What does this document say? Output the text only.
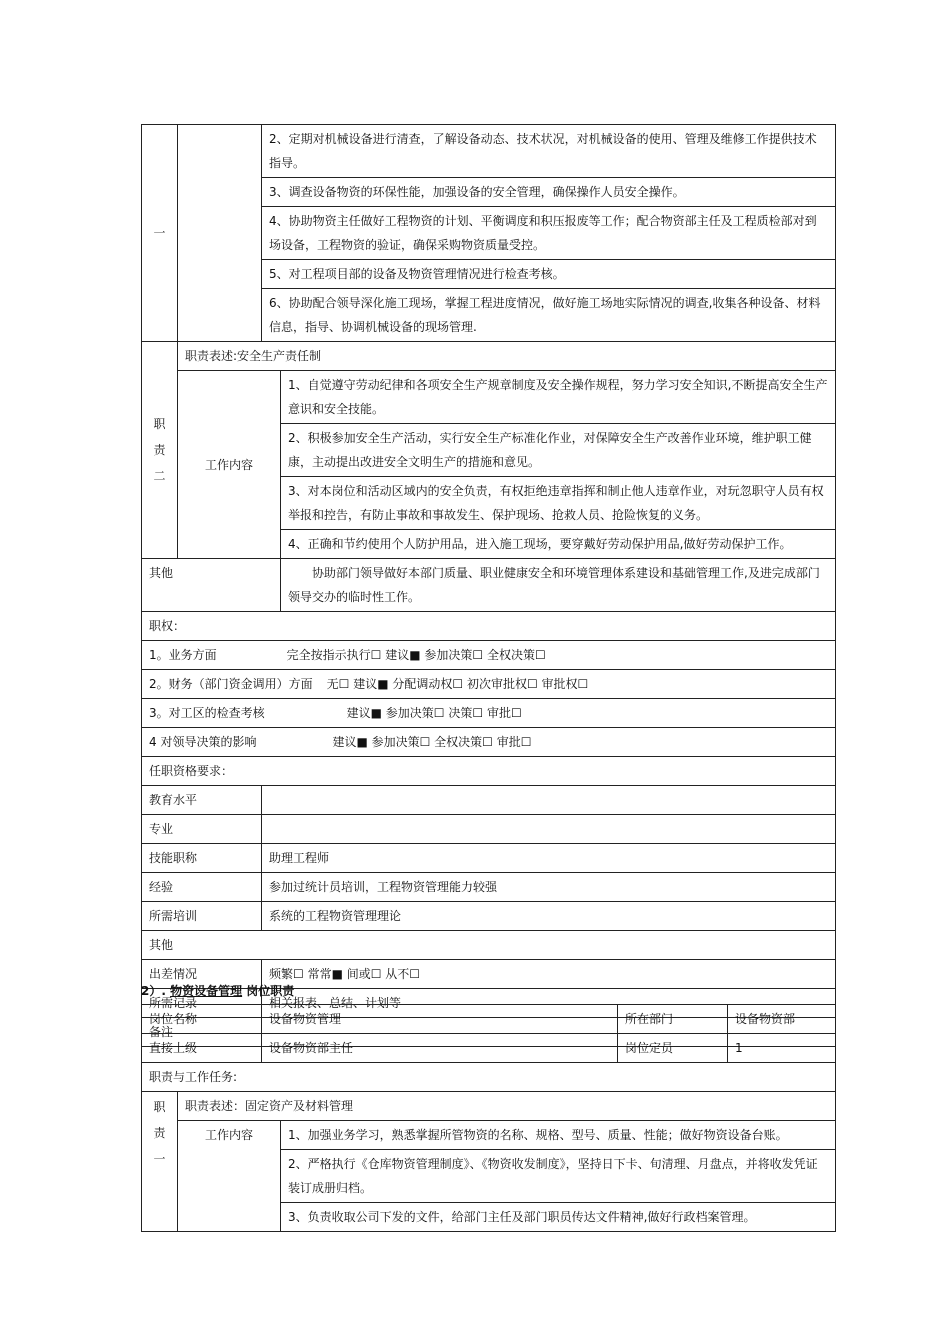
一		2、定期对机械设备进行清查，了解设备动态、技术状况，对机械设备的使用、管理及维修工作提供技术指导。	
		3、调查设备物资的环保性能，加强设备的安全管理，确保操作人员安全操作。	
		4、协助物资主任做好工程物资的计划、平衡调度和积压报废等工作；配合物资部主任及工程质检部对到场设备，工程物资的验证，确保采购物资质量受控。	
		5、对工程项目部的设备及物资管理情况进行检查考核。	
		6、协助配合领导深化施工现场，掌握工程进度情况，做好施工场地实际情况的调查,收集各种设备、材料信息，指导、协调机械设备的现场管理.	

职
责
二	职责表述:安全生产责任制		
	工作内容		1、自觉遵守劳动纪律和各项安全生产规章制度及安全操作规程，努力学习安全知识,不断提高安全生产意识和安全技能。
			2、积极参加安全生产活动，实行安全生产标准化作业，对保障安全生产改善作业环境，维护职工健康，主动提出改进安全文明生产的措施和意见。
			3、对本岗位和活动区域内的安全负责，有权拒绝违章指挥和制止他人违章作业，对玩忽职守人员有权举报和控告，有防止事故和事故发生、保护现场、抢救人员、抢险恢复的义务。
			4、正确和节约使用个人防护用品，进入施工现场，要穿戴好劳动保护用品,做好劳动保护工作。
其他			协助部门领导做好本部门质量、职业健康安全和环境管理体系建设和基础管理工作,及进完成部门领导交办的临时性工作。
职权：			
1。业务方面 完全按指示执行☐ 建议■ 参加决策☐ 全权决策☐			
2。财务（部门资金调用）方面 无☐ 建议■ 分配调动权☐ 初次审批权☐ 审批权☐			
3。对工区的检查考核 建议■ 参加决策☐ 决策☐ 审批☐			
4 对领导决策的影响 建议■ 参加决策☐ 全权决策☐ 审批☐			
任职资格要求：			
教育水平			
专业			
技能职称		助理工程师	
经验		参加过统计员培训，工程物资管理能力较强	
所需培训		系统的工程物资管理理论	
其他			
出差情况		频繁☐ 常常■ 间或☐ 从不☐	
所需记录		相关报表、总结、计划等	
备注			
2）. 物资设备管理 岗位职责
岗位名称		设备物资管理		所在部门	设备物资部
直接上级		设备物资部主任		岗位定员	1
职责与工作任务:					

职
责
一	职责表述：固定资产及材料管理				
	工作内容		1、加强业务学习，熟悉掌握所管物资的名称、规格、型号、质量、性能；做好物资设备台账。		
			2、严格执行《仓库物资管理制度》、《物资收发制度》，坚持日下卡、旬清理、月盘点，并将收发凭证装订成册归档。		
			3、负责收取公司下发的文件，给部门主任及部门职员传达文件精神,做好行政档案管理。		
